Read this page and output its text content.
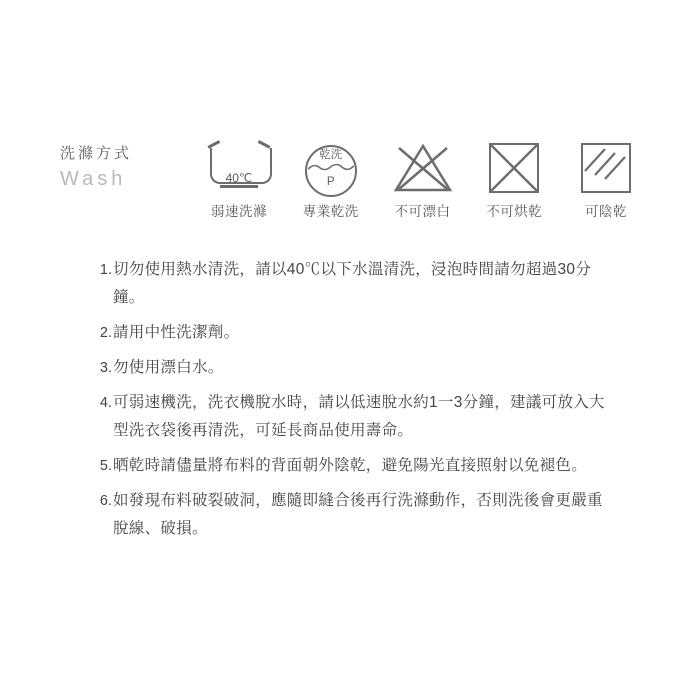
洗滌方式
Wash	40℃
弱速洗滌
乾洗
P
專業乾洗	不可漂白	不可烘乾	可陰乾
1. 切勿使用熱水清洗，請以40℃以下水溫清洗，浸泡時間請勿超過30分鐘。
2. 請用中性洗潔劑。
3. 勿使用漂白水。
4. 可弱速機洗，洗衣機脫水時，請以低速脫水約1一3分鐘，建議可放入大型洗衣袋後再清洗，可延長商品使用壽命。
5. 晒乾時請儘量將布料的背面朝外陰乾，避免陽光直接照射以免褪色。
6. 如發現布料破裂破洞，應隨即縫合後再行洗滌動作，否則洗後會更嚴重脫線、破損。
